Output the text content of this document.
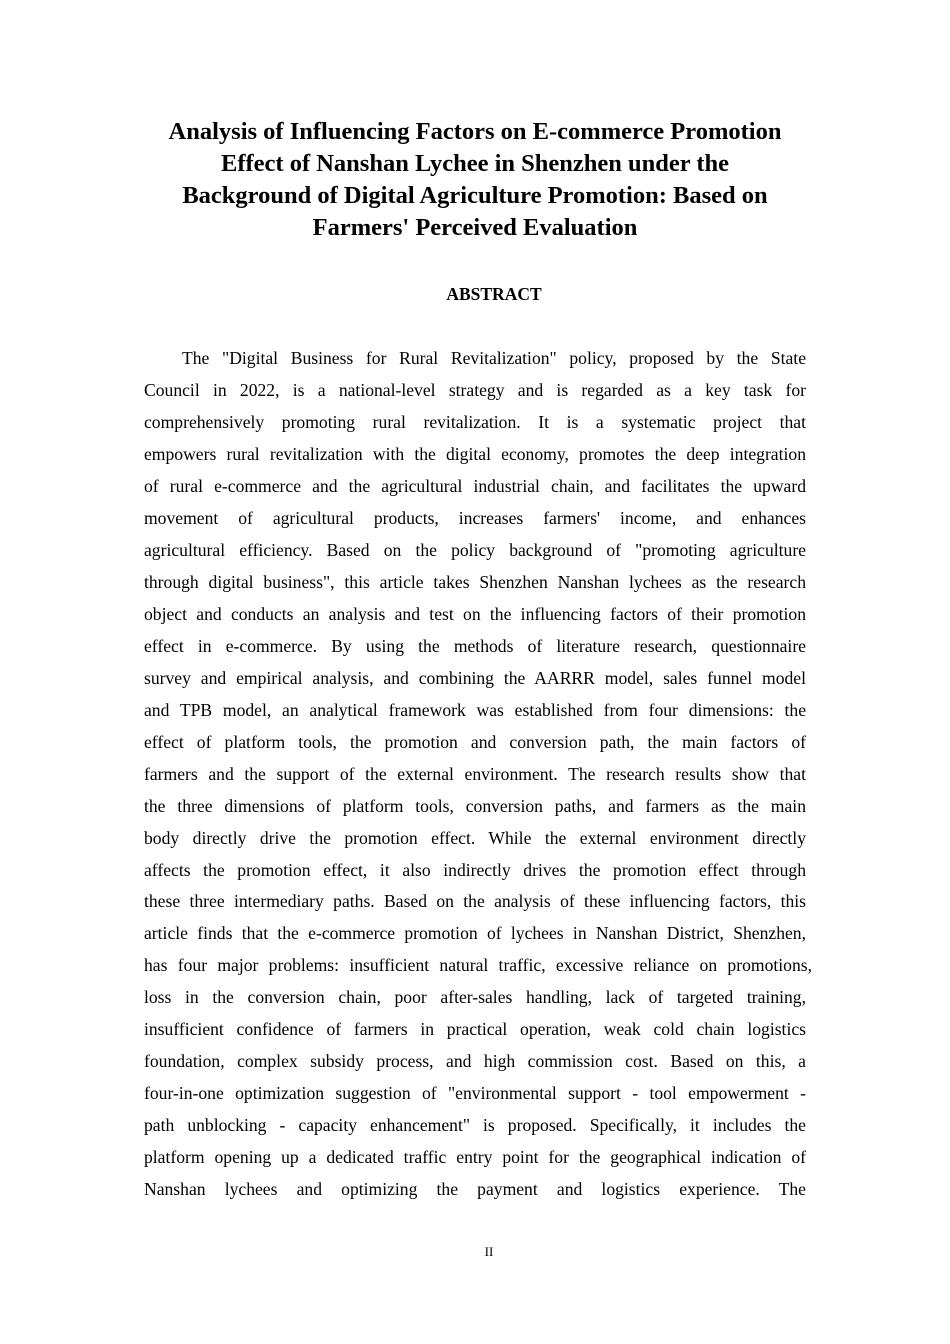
Analysis of Influencing Factors on E-commerce Promotion
Effect of Nanshan Lychee in Shenzhen under the
Background of Digital Agriculture Promotion: Based on
Farmers' Perceived Evaluation
ABSTRACT
The "Digital Business for Rural Revitalization" policy, proposed by the State
Council in 2022, is a national-level strategy and is regarded as a key task for
comprehensively promoting rural revitalization. It is a systematic project that
empowers rural revitalization with the digital economy, promotes the deep integration
of rural e-commerce and the agricultural industrial chain, and facilitates the upward
movement of agricultural products, increases farmers' income, and enhances
agricultural efficiency. Based on the policy background of "promoting agriculture
through digital business", this article takes Shenzhen Nanshan lychees as the research
object and conducts an analysis and test on the influencing factors of their promotion
effect in e-commerce. By using the methods of literature research, questionnaire
survey and empirical analysis, and combining the AARRR model, sales funnel model
and TPB model, an analytical framework was established from four dimensions: the
effect of platform tools, the promotion and conversion path, the main factors of
farmers and the support of the external environment. The research results show that
the three dimensions of platform tools, conversion paths, and farmers as the main
body directly drive the promotion effect. While the external environment directly
affects the promotion effect, it also indirectly drives the promotion effect through
these three intermediary paths. Based on the analysis of these influencing factors, this
article finds that the e-commerce promotion of lychees in Nanshan District, Shenzhen,
has four major problems: insufficient natural traffic, excessive reliance on promotions,
loss in the conversion chain, poor after-sales handling, lack of targeted training,
insufficient confidence of farmers in practical operation, weak cold chain logistics
foundation, complex subsidy process, and high commission cost. Based on this, a
four-in-one optimization suggestion of "environmental support - tool empowerment -
path unblocking - capacity enhancement" is proposed. Specifically, it includes the
platform opening up a dedicated traffic entry point for the geographical indication of
Nanshan lychees and optimizing the payment and logistics experience. The
II
